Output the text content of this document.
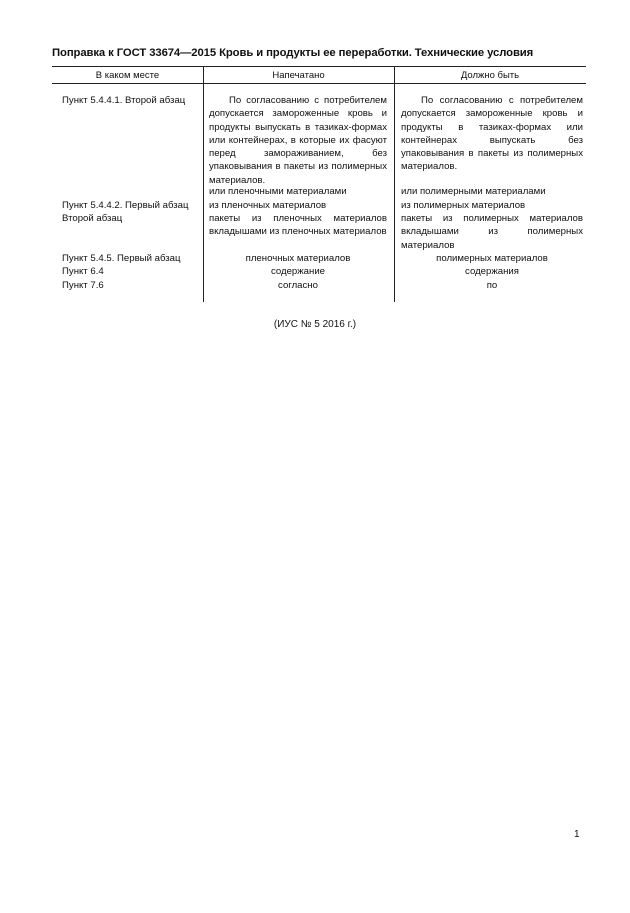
Поправка к ГОСТ 33674—2015 Кровь и продукты ее переработки. Технические условия
В каком месте	Напечатано	Должно быть
Пункт 5.4.4.1. Второй абзац
Пункт 5.4.4.2. Первый абзац
Второй абзац
Пункт 5.4.5. Первый абзац
Пункт 6.4
Пункт 7.6
По согласованию с потребителем допускается замороженные кровь и продукты выпускать в тазиках-формах или контейнерах, в которые их фасуют перед замораживанием, без упаковывания в пакеты из полимерных материалов.
или пленочными материалами
из пленочных материалов
пакеты из пленочных материалов вкладышами из пленочных материалов
пленочных материалов
содержание
согласно
По согласованию с потребителем допускается замороженные кровь и продукты в тазиках-формах или контейнерах выпускать без упаковывания в пакеты из полимерных материалов.
или полимерными материалами
из полимерных материалов
пакеты из полимерных материалов вкладышами из полимерных материалов
полимерных материалов
содержания
по
(ИУС № 5 2016 г.)
1
